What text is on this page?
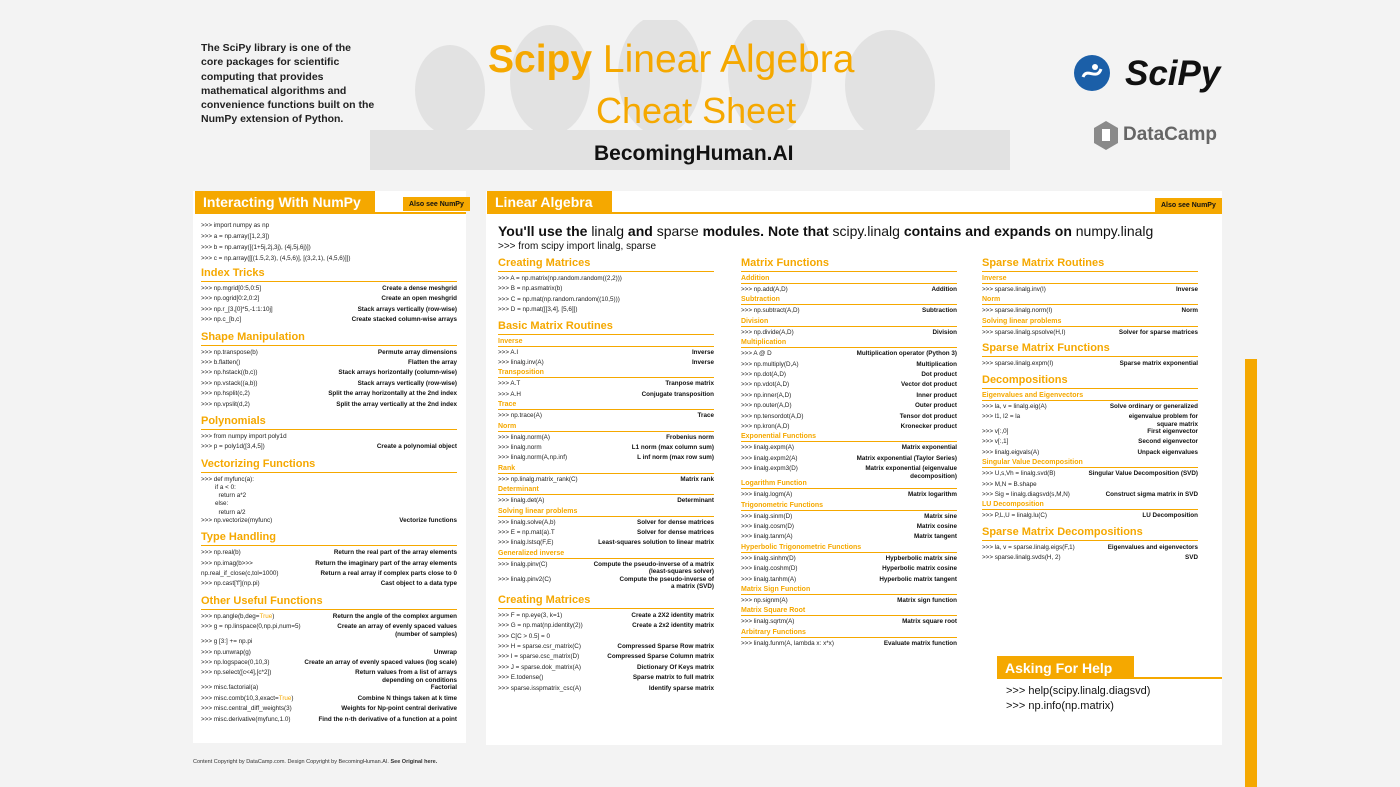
The SciPy library is one of the core packages for scientific computing that provides mathematical algorithms and convenience functions built on the NumPy extension of Python.
Scipy Linear Algebra
Cheat Sheet
BecomingHuman.AI
SciPy
DataCamp
Interacting With NumPy	Also see NumPy	Linear Algebra	Also see NumPy
You'll use the linalg and sparse modules. Note that scipy.linalg contains and expands on numpy.linalg
>>> from scipy import linalg, sparse
Asking For Help
>>> help(scipy.linalg.diagsvd)
>>> np.info(np.matrix)
Content Copyright by DataCamp.com. Design Copyright by BecomingHuman.AI. See Original here.
>>> import numpy as np
>>> a = np.array([1,2,3])
>>> b = np.array([(1+5j,2j,3j), (4j,5j,6j)])
>>> c = np.array([[(1.5,2,3), (4,5,6)], [(3,2,1), (4,5,6)]])
Index Tricks
>>> np.mgrid[0:5,0:5]	Create a dense meshgrid
>>> np.ogrid[0:2,0:2]	Create an open meshgrid
>>> np.r_[3,[0]*5,-1:1:10j]	Stack arrays vertically (row-wise)
>>> np.c_[b,c]	Create stacked column-wise arrays
Shape Manipulation
>>> np.transpose(b)	Permute array dimensions
>>> b.flatten()	Flatten the array
>>> np.hstack((b,c))	Stack arrays horizontally (column-wise)
>>> np.vstack((a,b))	Stack arrays vertically (row-wise)
>>> np.hsplit(c,2)	Split the array horizontally at the 2nd index
>>> np.vpslit(d,2)	Split the array vertically at the 2nd index
Polynomials
>>> from numpy import poly1d
>>> p = poly1d([3,4,5])	Create a polynomial object
Vectorizing Functions
>>> def myfunc(a):
if a < 0:
return a*2
else:
return a/2
>>> np.vectorize(myfunc)	Vectorize functions
Type Handling
>>> np.real(b)	Return the real part of the array elements
>>> np.imag(b>>>	Return the imaginary part of the array elements
np.real_if_close(c,tol=1000)	Return a real array if complex parts close to 0
>>> np.cast['f'](np.pi)	Cast object to a data type
Other Useful Functions
>>> np.angle(b,deg=True)	Return the angle of the complex argumen
>>> g = np.linspace(0,np.pi,num=5)	Create an array of evenly spaced values
(number of samples)
>>> g [3:] += np.pi
>>> np.unwrap(g)	Unwrap
>>> np.logspace(0,10,3)	Create an array of evenly spaced values (log scale)
>>> np.select([c<4],[c*2])	Return values from a list of arrays
depending on conditions
>>> misc.factorial(a)	Factorial
>>> misc.comb(10,3,exact=True)	Combine N things taken at k time
>>> misc.central_diff_weights(3)	Weights for Np-point central derivative
>>> misc.derivative(myfunc,1.0)	Find the n-th derivative of a function at a point
Creating Matrices
>>> A = np.matrix(np.random.random((2,2)))
>>> B = np.asmatrix(b)
>>> C = np.mat(np.random.random((10,5)))
>>> D = np.mat([[3,4], [5,6]])
Basic Matrix Routines
Inverse
>>> A.I	Inverse
>>> linalg.inv(A)	Inverse
Transposition
>>> A.T	Tranpose matrix
>>> A.H	Conjugate transposition
Trace
>>> np.trace(A)	Trace
Norm
>>> linalg.norm(A)	Frobenius norm
>>> linalg.norm	L1 norm (max column sum)
>>> linalg.norm(A,np.inf)	L inf norm (max row sum)
Rank
>>> np.linalg.matrix_rank(C)	Matrix rank
Determinant
>>> linalg.det(A)	Determinant
Solving linear problems
>>> linalg.solve(A,b)	Solver for dense matrices
>>> E = np.mat(a).T	Solver for dense matrices
>>> linalg.lstsq(F,E)	Least-squares solution to linear matrix
Generalized inverse
>>> linalg.pinv(C)	Compute the pseudo-inverse of a matrix
(least-squares solver)
>>> linalg.pinv2(C)	Compute the pseudo-inverse of
a matrix (SVD)
Creating Matrices
>>> F = np.eye(3, k=1)	Create a 2X2 identity matrix
>>> G = np.mat(np.identity(2))	Create a 2x2 identity matrix
>>> C[C > 0.5] = 0
>>> H = sparse.csr_matrix(C)	Compressed Sparse Row matrix
>>> I = sparse.csc_matrix(D)	Compressed Sparse Column matrix
>>> J = sparse.dok_matrix(A)	Dictionary Of Keys matrix
>>> E.todense()	Sparse matrix to full matrix
>>> sparse.isspmatrix_csc(A)	Identify sparse matrix
Matrix Functions
Addition
>>> np.add(A,D)	Addition
Subtraction
>>> np.subtract(A,D)	Subtraction
Division
>>> np.divide(A,D)	Division
Multiplication
>>> A @ D	Multiplication operator (Python 3)
>>> np.multiply(D,A)	Multiplication
>>> np.dot(A,D)	Dot product
>>> np.vdot(A,D)	Vector dot product
>>> np.inner(A,D)	Inner product
>>> np.outer(A,D)	Outer product
>>> np.tensordot(A,D)	Tensor dot product
>>> np.kron(A,D)	Kronecker product
Exponential Functions
>>> linalg.expm(A)	Matrix exponential
>>> linalg.expm2(A)	Matrix exponential (Taylor Series)
>>> linalg.expm3(D)	Matrix exponential (eigenvalue
decomposition)
Logarithm Function
>>> linalg.logm(A)	Matrix logarithm
Trigonometric Functions
>>> linalg.sinm(D)	Matrix sine
>>> linalg.cosm(D)	Matrix cosine
>>> linalg.tanm(A)	Matrix tangent
Hyperbolic Trigonometric Functions
>>> linalg.sinhm(D)	Hypberbolic matrix sine
>>> linalg.coshm(D)	Hyperbolic matrix cosine
>>> linalg.tanhm(A)	Hyperbolic matrix tangent
Matrix Sign Function
>>> np.signm(A)	Matrix sign function
Matrix Square Root
>>> linalg.sqrtm(A)	Matrix square root
Arbitrary Functions
>>> linalg.funm(A, lambda x: x*x)	Evaluate matrix function
Sparse Matrix Routines
Inverse
>>> sparse.linalg.inv(I)	Inverse
Norm
>>> sparse.linalg.norm(I)	Norm
Solving linear problems
>>> sparse.linalg.spsolve(H,I)	Solver for sparse matrices
Sparse Matrix Functions
>>> sparse.linalg.expm(I)	Sparse matrix exponential
Decompositions
Eigenvalues and Eigenvectors
>>> la, v = linalg.eig(A)	Solve ordinary or generalized
>>> l1, l2 = la	eigenvalue problem for
square matrix
>>> v[:,0]	First eigenvector
>>> v[:,1]	Second eigenvector
>>> linalg.eigvals(A)	Unpack eigenvalues
Singular Value Decomposition
>>> U,s,Vh = linalg.svd(B)	Singular Value Decomposition (SVD)
>>> M,N = B.shape
>>> Sig = linalg.diagsvd(s,M,N)	Construct sigma matrix in SVD
LU Decomposition
>>> P,L,U = linalg.lu(C)	LU Decomposition
Sparse Matrix Decompositions
>>> la, v = sparse.linalg.eigs(F,1)	Eigenvalues and eigenvectors
>>> sparse.linalg.svds(H, 2)	SVD
